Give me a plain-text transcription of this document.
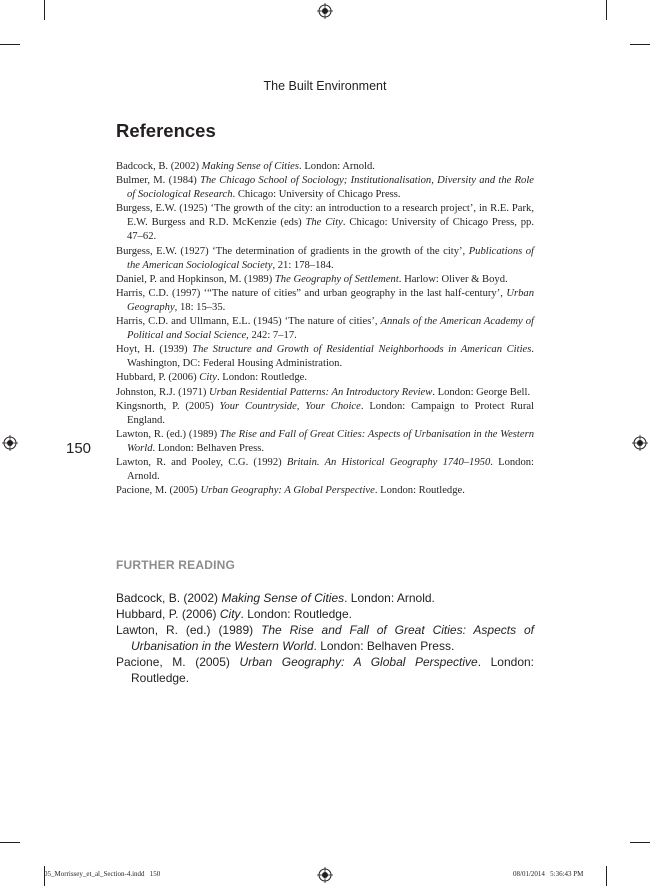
The Built Environment
References
Badcock, B. (2002) Making Sense of Cities. London: Arnold.
Bulmer, M. (1984) The Chicago School of Sociology; Institutionalisation, Diversity and the Role of Sociological Research. Chicago: University of Chicago Press.
Burgess, E.W. (1925) ‘The growth of the city: an introduction to a research project’, in R.E. Park, E.W. Burgess and R.D. McKenzie (eds) The City. Chicago: University of Chicago Press, pp. 47–62.
Burgess, E.W. (1927) ‘The determination of gradients in the growth of the city’, Publications of the American Sociological Society, 21: 178–184.
Daniel, P. and Hopkinson, M. (1989) The Geography of Settlement. Harlow: Oliver & Boyd.
Harris, C.D. (1997) ‘“The nature of cities” and urban geography in the last half-century’, Urban Geography, 18: 15–35.
Harris, C.D. and Ullmann, E.L. (1945) ‘The nature of cities’, Annals of the American Academy of Political and Social Science, 242: 7–17.
Hoyt, H. (1939) The Structure and Growth of Residential Neighborhoods in American Cities. Washington, DC: Federal Housing Administration.
Hubbard, P. (2006) City. London: Routledge.
Johnston, R.J. (1971) Urban Residential Patterns: An Introductory Review. London: George Bell.
Kingsnorth, P. (2005) Your Countryside, Your Choice. London: Campaign to Protect Rural England.
Lawton, R. (ed.) (1989) The Rise and Fall of Great Cities: Aspects of Urbanisation in the Western World. London: Belhaven Press.
Lawton, R. and Pooley, C.G. (1992) Britain. An Historical Geography 1740–1950. London: Arnold.
Pacione, M. (2005) Urban Geography: A Global Perspective. London: Routledge.
150
FURTHER READING
Badcock, B. (2002) Making Sense of Cities. London: Arnold.
Hubbard, P. (2006) City. London: Routledge.
Lawton, R. (ed.) (1989) The Rise and Fall of Great Cities: Aspects of Urbanisation in the Western World. London: Belhaven Press.
Pacione, M. (2005) Urban Geography: A Global Perspective. London: Routledge.
05_Morrissey_et_al_Section-4.indd   150	08/01/2014   5:36:43 PM
